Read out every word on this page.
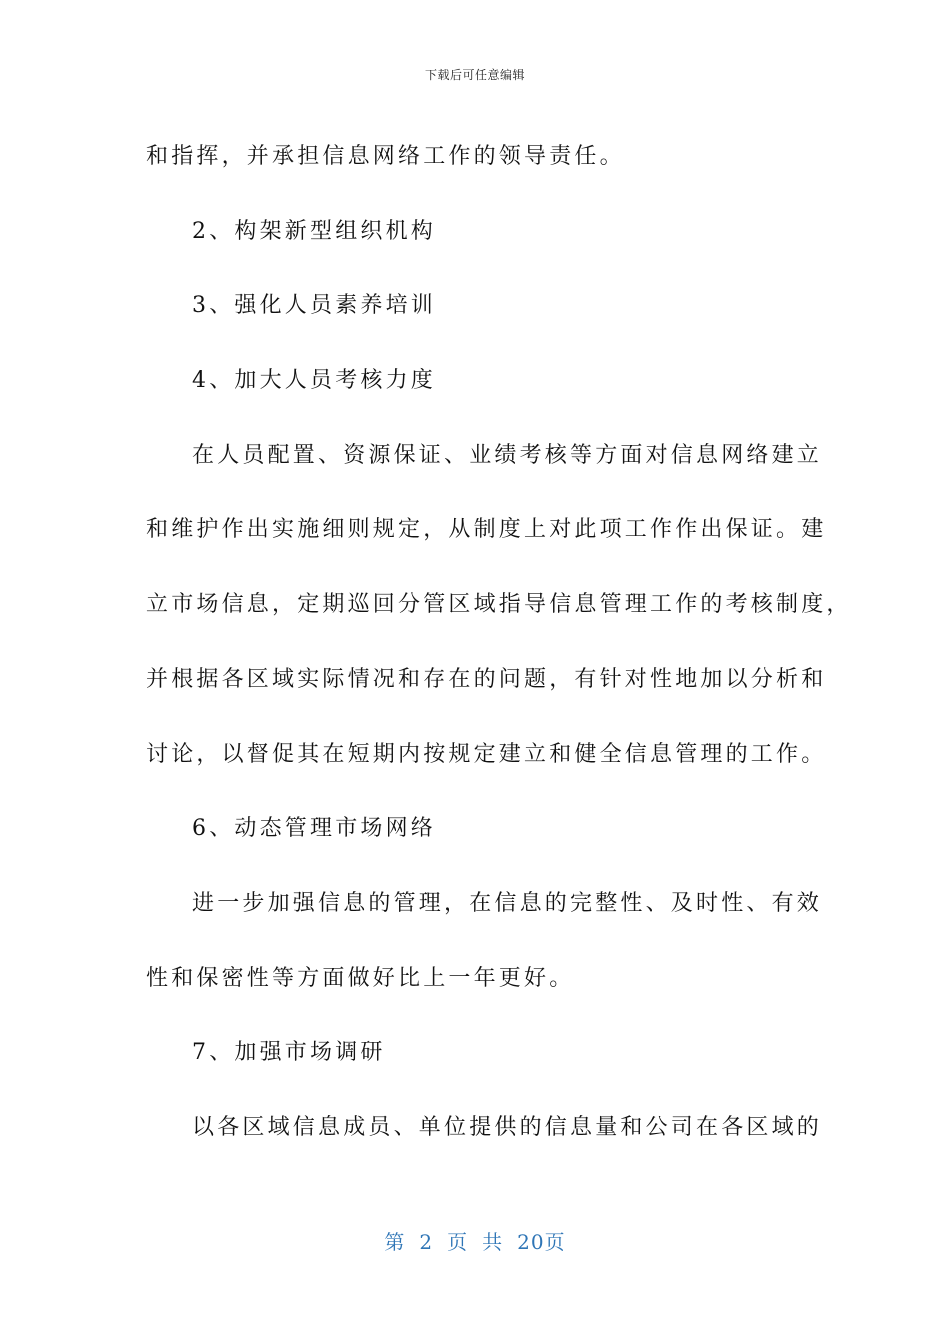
下载后可任意编辑
和指挥，并承担信息网络工作的领导责任。
2、构架新型组织机构
3、强化人员素养培训
4、加大人员考核力度
在人员配置、资源保证、业绩考核等方面对信息网络建立
和维护作出实施细则规定，从制度上对此项工作作出保证。建
立市场信息，定期巡回分管区域指导信息管理工作的考核制度，
并根据各区域实际情况和存在的问题，有针对性地加以分析和
讨论，以督促其在短期内按规定建立和健全信息管理的工作。
6、动态管理市场网络
进一步加强信息的管理，在信息的完整性、及时性、有效
性和保密性等方面做好比上一年更好。
7、加强市场调研
以各区域信息成员、单位提供的信息量和公司在各区域的
第 2 页 共 20页
